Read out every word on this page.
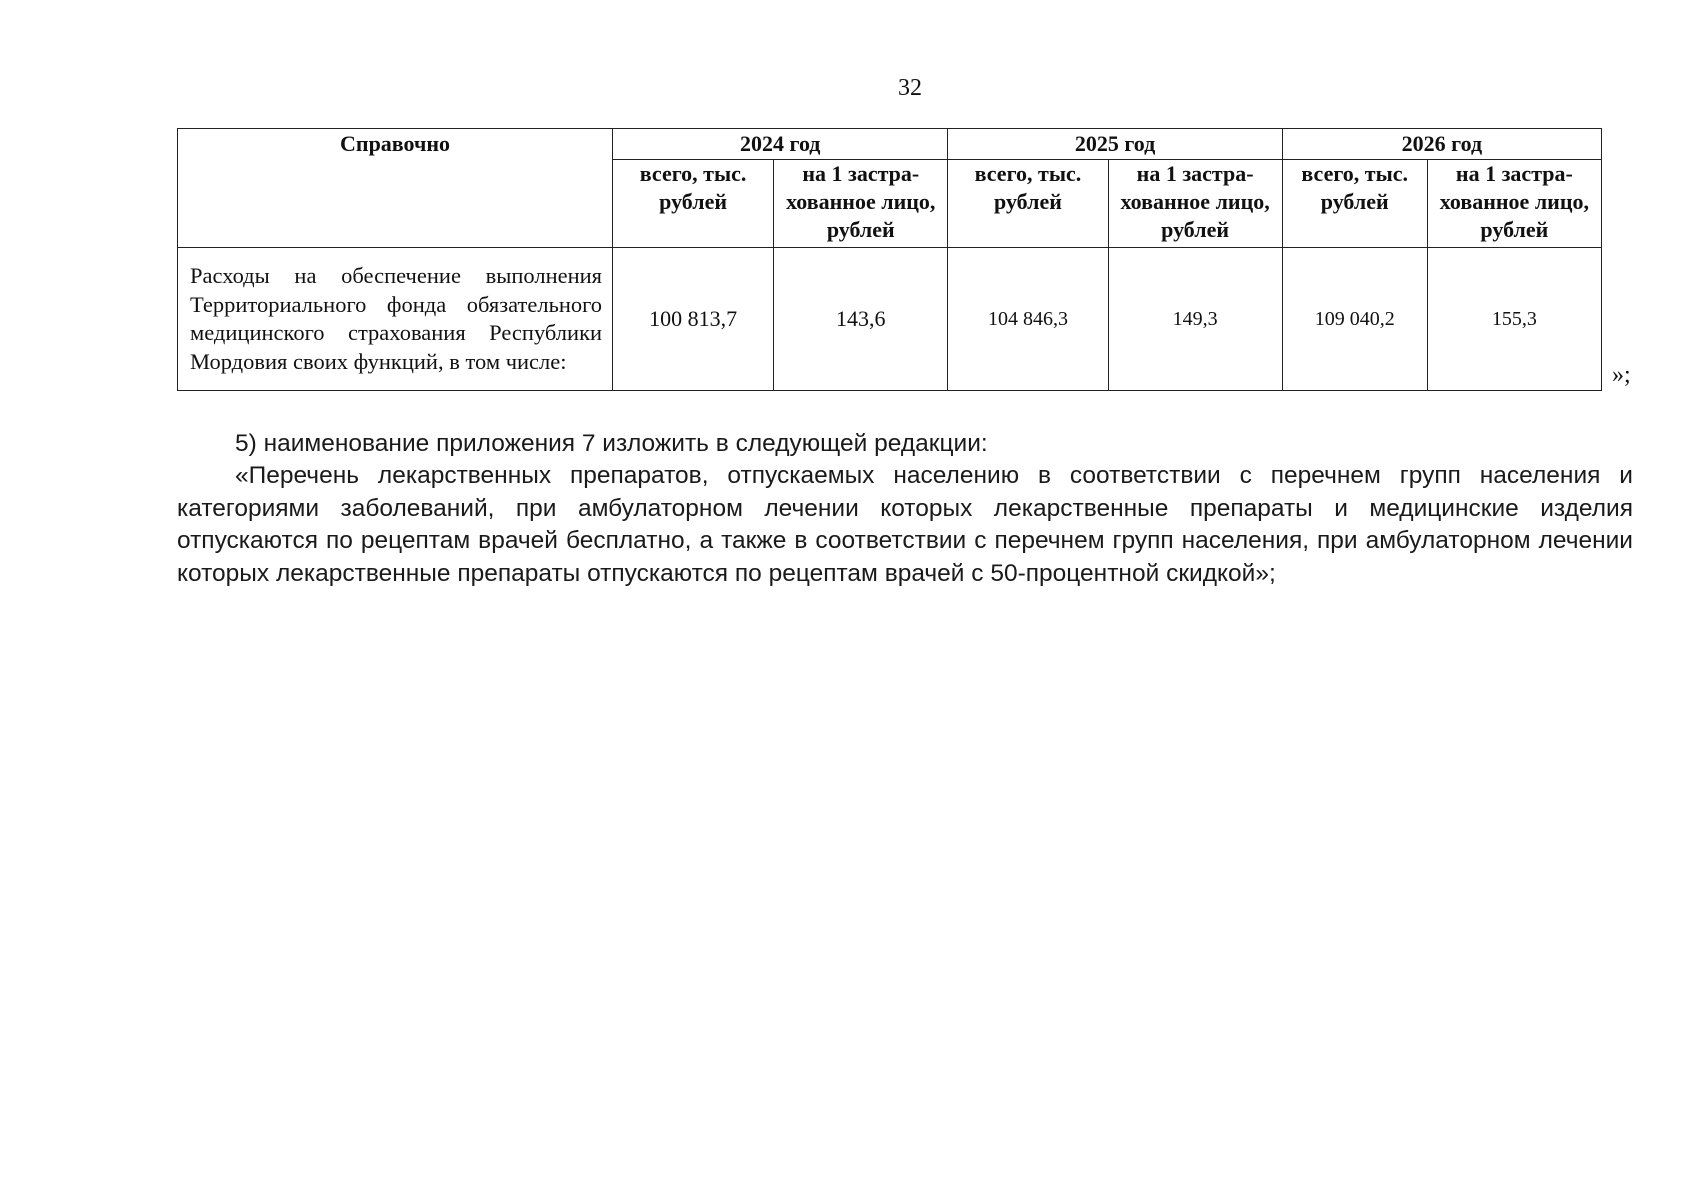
32
Справочно	2024 год		2025 год		2026 год	
	всего, тыс. рублей	на 1 застра-хованное лицо, рублей	всего, тыс. рублей	на 1 застра-хованное лицо, рублей	всего, тыс. рублей	на 1 застра-хованное лицо, рублей
Расходы на обеспечение выполнения Территориального фонда обязательного медицинского страхования Республики Мордовия своих функций, в том числе:	100 813,7	143,6	104 846,3	149,3	109 040,2	155,3
»;

5) наименование приложения 7 изложить в следующей редакции:

«Перечень лекарственных препаратов, отпускаемых населению в соответствии с перечнем групп населения и категориями заболеваний, при амбулаторном лечении которых лекарственные препараты и медицинские изделия отпускаются по рецептам врачей бесплатно, а также в соответствии с перечнем групп населения, при амбулаторном лечении которых лекарственные препараты отпускаются по рецептам врачей с 50-процентной скидкой»;
